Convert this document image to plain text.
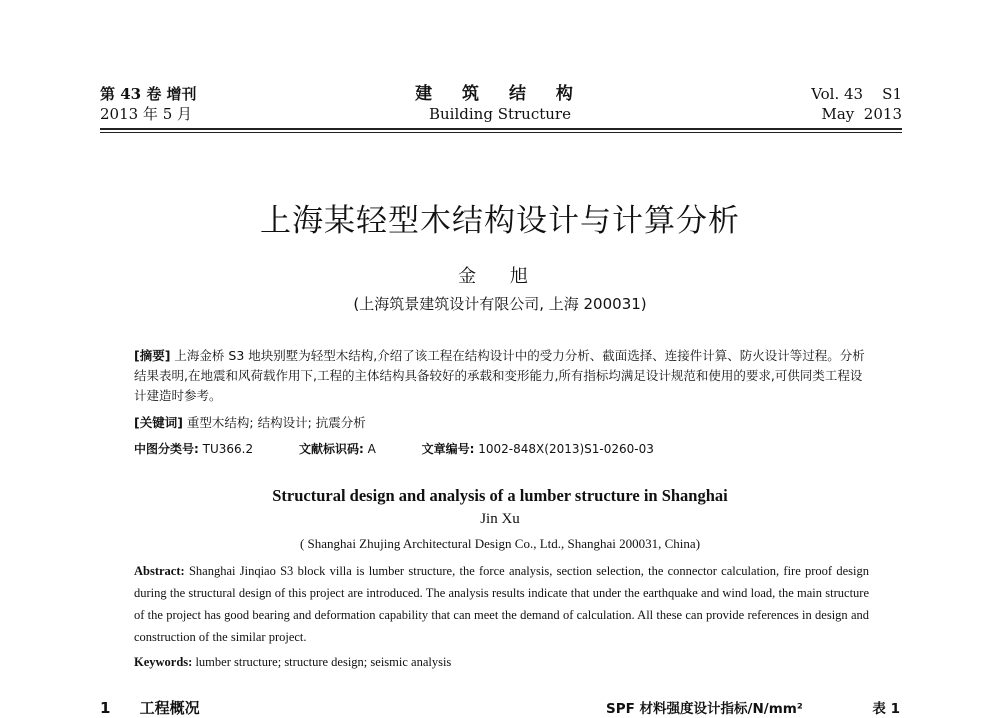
第 43 卷 增刊
2013 年 5 月
建 筑 结 构
Building Structure
Vol. 43    S1
May  2013
上海某轻型木结构设计与计算分析
金 旭
(上海筑景建筑设计有限公司, 上海 200031)
[摘要] 上海金桥 S3 地块别墅为轻型木结构,介绍了该工程在结构设计中的受力分析、截面选择、连接件计算、防火设计等过程。分析结果表明,在地震和风荷载作用下,工程的主体结构具备较好的承载和变形能力,所有指标均满足设计规范和使用的要求,可供同类工程设计建造时参考。
[关键词] 重型木结构; 结构设计; 抗震分析
中图分类号: TU366.2	文献标识码: A	文章编号: 1002-848X(2013)S1-0260-03
Structural design and analysis of a lumber structure in Shanghai
Jin Xu
( Shanghai Zhujing Architectural Design Co., Ltd., Shanghai 200031, China)
Abstract: Shanghai Jinqiao S3 block villa is lumber structure, the force analysis, section selection, the connector calculation, fire proof design during the structural design of this project are introduced. The analysis results indicate that under the earthquake and wind load, the main structure of the project has good bearing and deformation capability that can meet the demand of calculation. All these can provide references in design and construction of the similar project.
Keywords: lumber structure; structure design; seismic analysis
1 工程概况	SPF 材料强度设计指标/N/mm²	表 1
